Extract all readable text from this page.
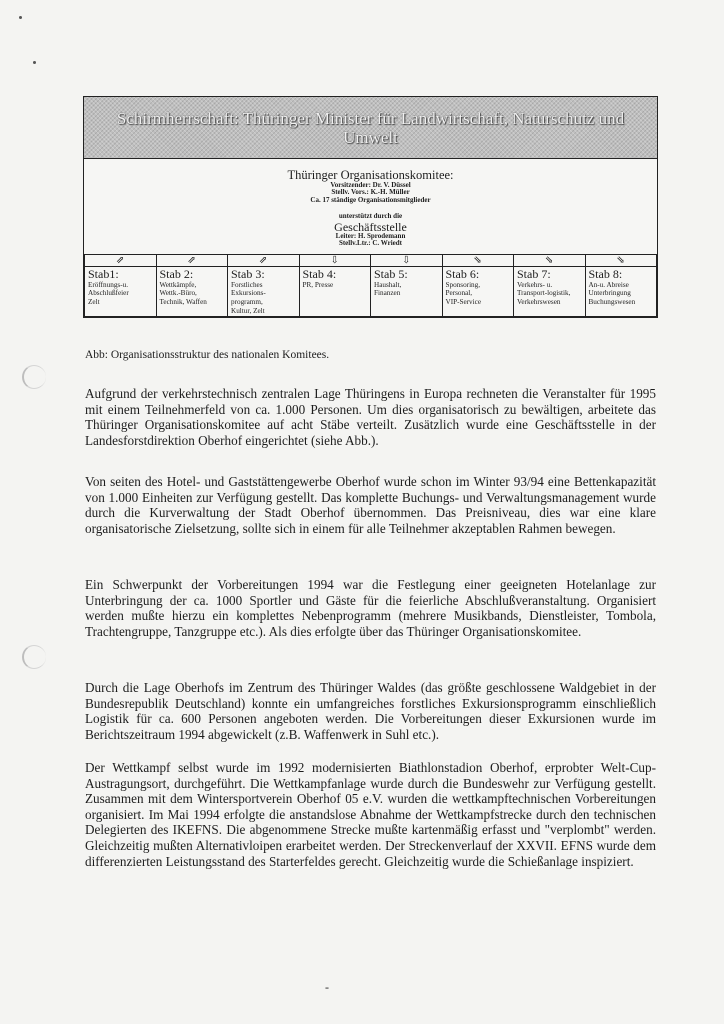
Schirmherrschaft: Thüringer Minister für Landwirtschaft, Naturschutz und Umwelt
Thüringer Organisationskomitee:
Vorsitzender: Dr. V. Düssel
Stellv. Vors.: K.-H. Müller
Ca. 17 ständige Organisationsmitglieder
unterstützt durch die
Geschäftsstelle
Leiter: H. Sprodemann
Stellv.Ltr.: C. Wriedt
⇗	⇗	⇗	⇩	⇩	⇘	⇘	⇘

Stab1:
Eröffnungs-u.
Abschlußfeier
Zelt	Stab 2:
Wettkämpfe,
Wettk.-Büro,
Technik, Waffen	Stab 3:
Forstliches
Exkursions-
programm,
Kultur, Zelt	Stab 4:
PR, Presse	Stab 5:
Haushalt,
Finanzen	Stab 6:
Sponsoring,
Personal,
VIP-Service	Stab 7:
Verkehrs- u.
Transport-logistik,
Verkehrswesen	Stab 8:
An-u. Abreise
Unterbringung
Buchungswesen
Abb: Organisationsstruktur des nationalen Komitees.

Aufgrund der verkehrstechnisch zentralen Lage Thüringens in Europa rechneten die Veranstalter für 1995 mit einem Teilnehmerfeld von ca. 1.000 Personen. Um dies organisatorisch zu bewältigen, arbeitete das Thüringer Organisationskomitee auf acht Stäbe verteilt. Zusätzlich wurde eine Geschäftsstelle in der Landesforstdirektion Oberhof eingerichtet (siehe Abb.).

Von seiten des Hotel- und Gaststättengewerbe Oberhof wurde schon im Winter 93/94 eine Bettenkapazität von 1.000 Einheiten zur Verfügung gestellt. Das komplette Buchungs- und Verwaltungsmanagement wurde durch die Kurverwaltung der Stadt Oberhof übernommen. Das Preisniveau, dies war eine klare organisatorische Zielsetzung, sollte sich in einem für alle Teilnehmer akzeptablen Rahmen bewegen.

Ein Schwerpunkt der Vorbereitungen 1994 war die Festlegung einer geeigneten Hotelanlage zur Unterbringung der ca. 1000 Sportler und Gäste für die feierliche Abschlußveranstaltung. Organisiert werden mußte hierzu ein komplettes Nebenprogramm (mehrere Musikbands, Dienstleister, Tombola, Trachtengruppe, Tanzgruppe etc.). Als dies erfolgte über das Thüringer Organisationskomitee.

Durch die Lage Oberhofs im Zentrum des Thüringer Waldes (das größte geschlossene Waldgebiet in der Bundesrepublik Deutschland) konnte ein umfangreiches forstliches Exkursionsprogramm einschließlich Logistik für ca. 600 Personen angeboten werden. Die Vorbereitungen dieser Exkursionen wurde im Berichtszeitraum 1994 abgewickelt (z.B. Waffenwerk in Suhl etc.).

Der Wettkampf selbst wurde im 1992 modernisierten Biathlonstadion Oberhof, erprobter Welt-Cup-Austragungsort, durchgeführt. Die Wettkampfanlage wurde durch die Bundeswehr zur Verfügung gestellt. Zusammen mit dem Wintersportverein Oberhof 05 e.V. wurden die wettkampftechnischen Vorbereitungen organisiert. Im Mai 1994 erfolgte die anstandslose Abnahme der Wettkampfstrecke durch den technischen Delegierten des IKEFNS. Die abgenommene Strecke mußte kartenmäßig erfasst und "verplombt" werden. Gleichzeitig mußten Alternativloipen erarbeitet werden. Der Streckenverlauf der XXVII. EFNS wurde dem differenzierten Leistungsstand des Starterfeldes gerecht. Gleichzeitig wurde die Schießanlage inspiziert.

-
